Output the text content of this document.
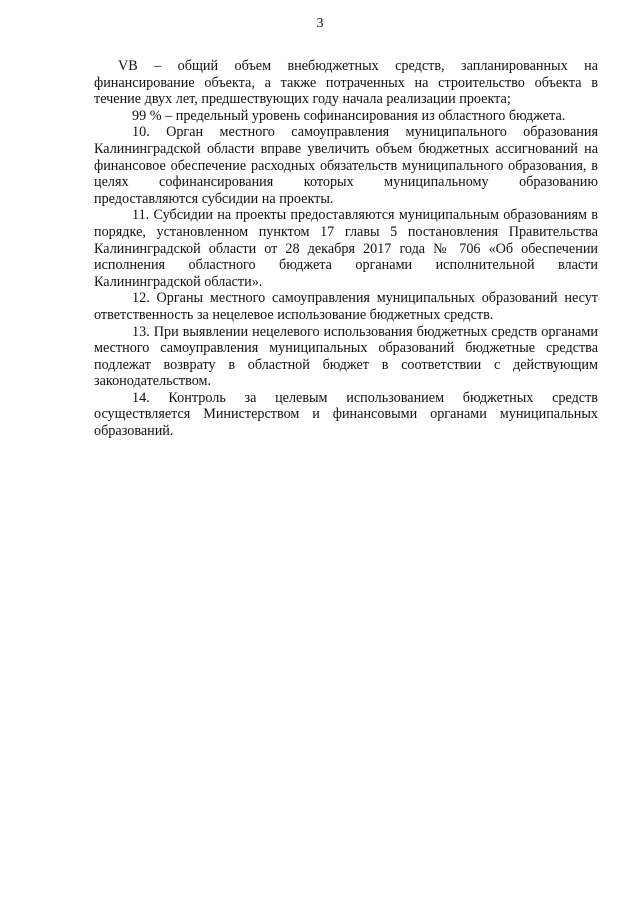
3

VB – общий объем внебюджетных средств, запланированных на финансирование объекта, а также потраченных на строительство объекта в течение двух лет, предшествующих году начала реализации проекта;

99 % – предельный уровень софинансирования из областного бюджета.

10. Орган местного самоуправления муниципального образования Калининградской области вправе увеличить объем бюджетных ассигнований на финансовое обеспечение расходных обязательств муниципального образования, в целях софинансирования которых муниципальному образованию предоставляются субсидии на проекты.

11. Субсидии на проекты предоставляются муниципальным образованиям в порядке, установленном пунктом 17 главы 5 постановления Правительства Калининградской области от 28 декабря 2017 года № 706 «Об обеспечении исполнения областного бюджета органами исполнительной власти Калининградской области».

12. Органы местного самоуправления муниципальных образований несут ответственность за нецелевое использование бюджетных средств.

13. При выявлении нецелевого использования бюджетных средств органами местного самоуправления муниципальных образований бюджетные средства подлежат возврату в областной бюджет в соответствии с действующим законодательством.

14. Контроль за целевым использованием бюджетных средств осуществляется Министерством и финансовыми органами муниципальных образований.
